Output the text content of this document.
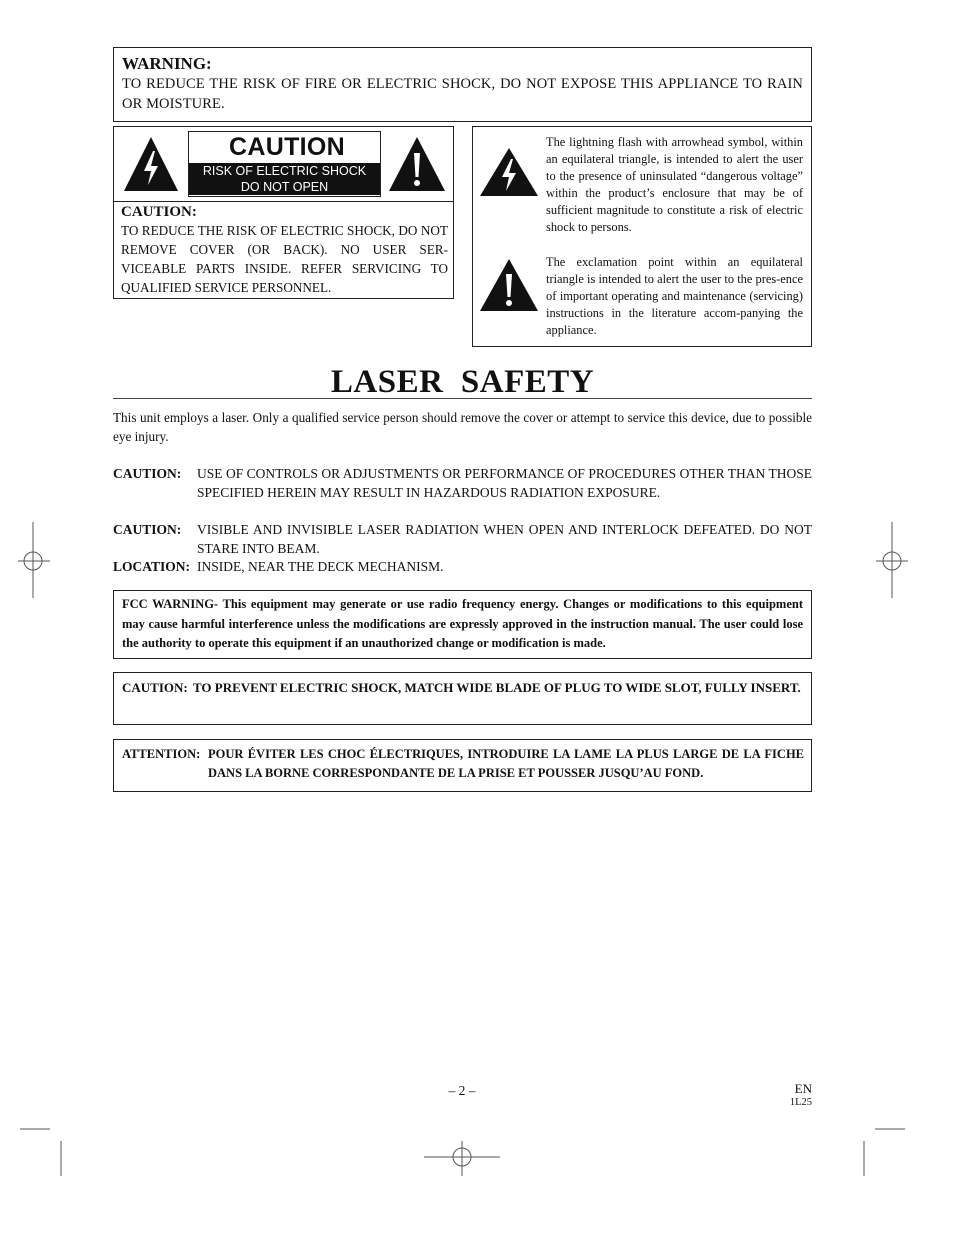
WARNING:

TO REDUCE THE RISK OF FIRE OR ELECTRIC SHOCK, DO NOT EXPOSE THIS APPLIANCE TO RAIN OR MOISTURE.

CAUTION
RISK OF ELECTRIC SHOCK
DO NOT OPEN
CAUTION:
TO REDUCE THE RISK OF ELECTRIC SHOCK, DO NOT REMOVE COVER (OR BACK). NO USER SER-VICEABLE PARTS INSIDE. REFER SERVICING TO QUALIFIED SERVICE PERSONNEL.
The lightning flash with arrowhead symbol, within an equilateral triangle, is intended to alert the user to the presence of uninsulated “dangerous voltage” within the product’s enclosure that may be of sufficient magnitude to constitute a risk of electric shock to persons.
The exclamation point within an equilateral triangle is intended to alert the user to the pres-ence of important operating and maintenance (servicing) instructions in the literature accom-panying the appliance.
LASER  SAFETY
This unit employs a laser. Only a qualified service person should remove the cover or attempt to service this device, due to possible eye injury.
CAUTION: USE OF CONTROLS OR ADJUSTMENTS OR PERFORMANCE OF PROCEDURES OTHER THAN THOSE SPECIFIED HEREIN MAY RESULT IN HAZARDOUS RADIATION EXPOSURE.
CAUTION: VISIBLE AND INVISIBLE LASER RADIATION WHEN OPEN AND INTERLOCK DEFEATED. DO NOT STARE INTO BEAM.
LOCATION: INSIDE, NEAR THE DECK MECHANISM.

FCC WARNING- This equipment may generate or use radio frequency energy. Changes or modifications to this equipment may cause harmful interference unless the modifications are expressly approved in the instruction manual. The user could lose the authority to operate this equipment if an unauthorized change or modification is made.

CAUTION: TO PREVENT ELECTRIC SHOCK, MATCH WIDE BLADE OF PLUG TO WIDE SLOT, FULLY INSERT.
ATTENTION: POUR ÉVITER LES CHOC ÉLECTRIQUES, INTRODUIRE LA LAME LA PLUS LARGE DE LA FICHE DANS LA BORNE CORRESPONDANTE DE LA PRISE ET POUSSER JUSQU’AU FOND.
– 2 –	EN
1L25
